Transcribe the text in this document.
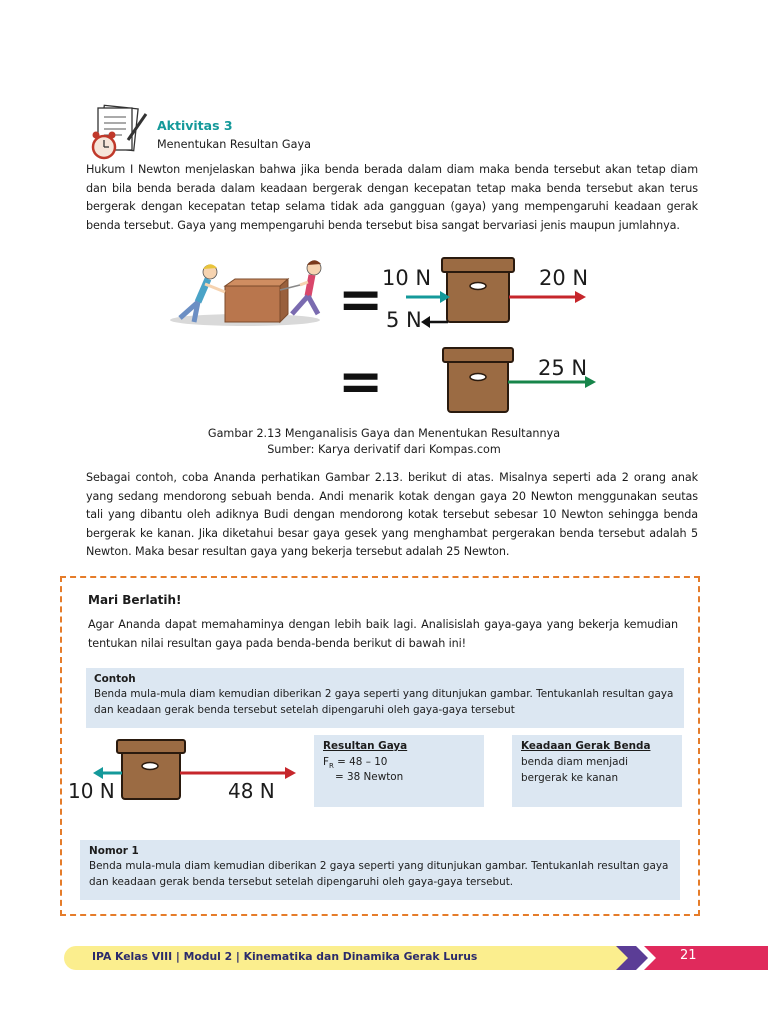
Aktivitas 3
Menentukan Resultan Gaya
Hukum I Newton menjelaskan bahwa jika benda berada dalam diam maka benda tersebut akan tetap diam dan bila benda berada dalam keadaan bergerak dengan kecepatan tetap maka benda tersebut akan terus bergerak dengan kecepatan tetap selama tidak ada gangguan (gaya) yang mempengaruhi keadaan gerak benda tersebut. Gaya yang mempengaruhi benda tersebut bisa sangat bervariasi jenis maupun jumlahnya.
=
=
10 N	20 N
5 N
25 N
Gambar 2.13 Menganalisis Gaya dan Menentukan Resultannya
Sumber: Karya derivatif dari Kompas.com
Sebagai contoh, coba Ananda perhatikan Gambar 2.13. berikut di atas. Misalnya seperti ada 2 orang anak yang sedang mendorong sebuah benda. Andi menarik kotak dengan gaya 20 Newton menggunakan seutas tali yang dibantu oleh adiknya Budi dengan mendorong kotak tersebut sebesar 10 Newton sehingga benda bergerak ke kanan. Jika diketahui besar gaya gesek yang menghambat pergerakan benda tersebut adalah 5 Newton. Maka besar resultan gaya yang bekerja tersebut adalah 25 Newton.
Mari Berlatih!
Agar Ananda dapat memahaminya dengan lebih baik lagi. Analisislah gaya-gaya yang bekerja kemudian tentukan nilai resultan gaya pada benda-benda berikut di bawah ini!
Contoh
Benda mula-mula diam kemudian diberikan 2 gaya seperti yang ditunjukan gambar. Tentukanlah resultan gaya dan keadaan gerak benda tersebut setelah dipengaruhi oleh gaya-gaya tersebut
10 N	48 N
Resultan Gaya
$F_R = 48 - 10$
= 38 Newton
Keadaan Gerak Benda
benda diam menjadi bergerak ke kanan
Nomor 1
Benda mula-mula diam kemudian diberikan 2 gaya seperti yang ditunjukan gambar. Tentukanlah resultan gaya dan keadaan gerak benda tersebut setelah dipengaruhi oleh gaya-gaya tersebut.
IPA Kelas VIII | Modul 2 | Kinematika dan Dinamika Gerak Lurus	21
